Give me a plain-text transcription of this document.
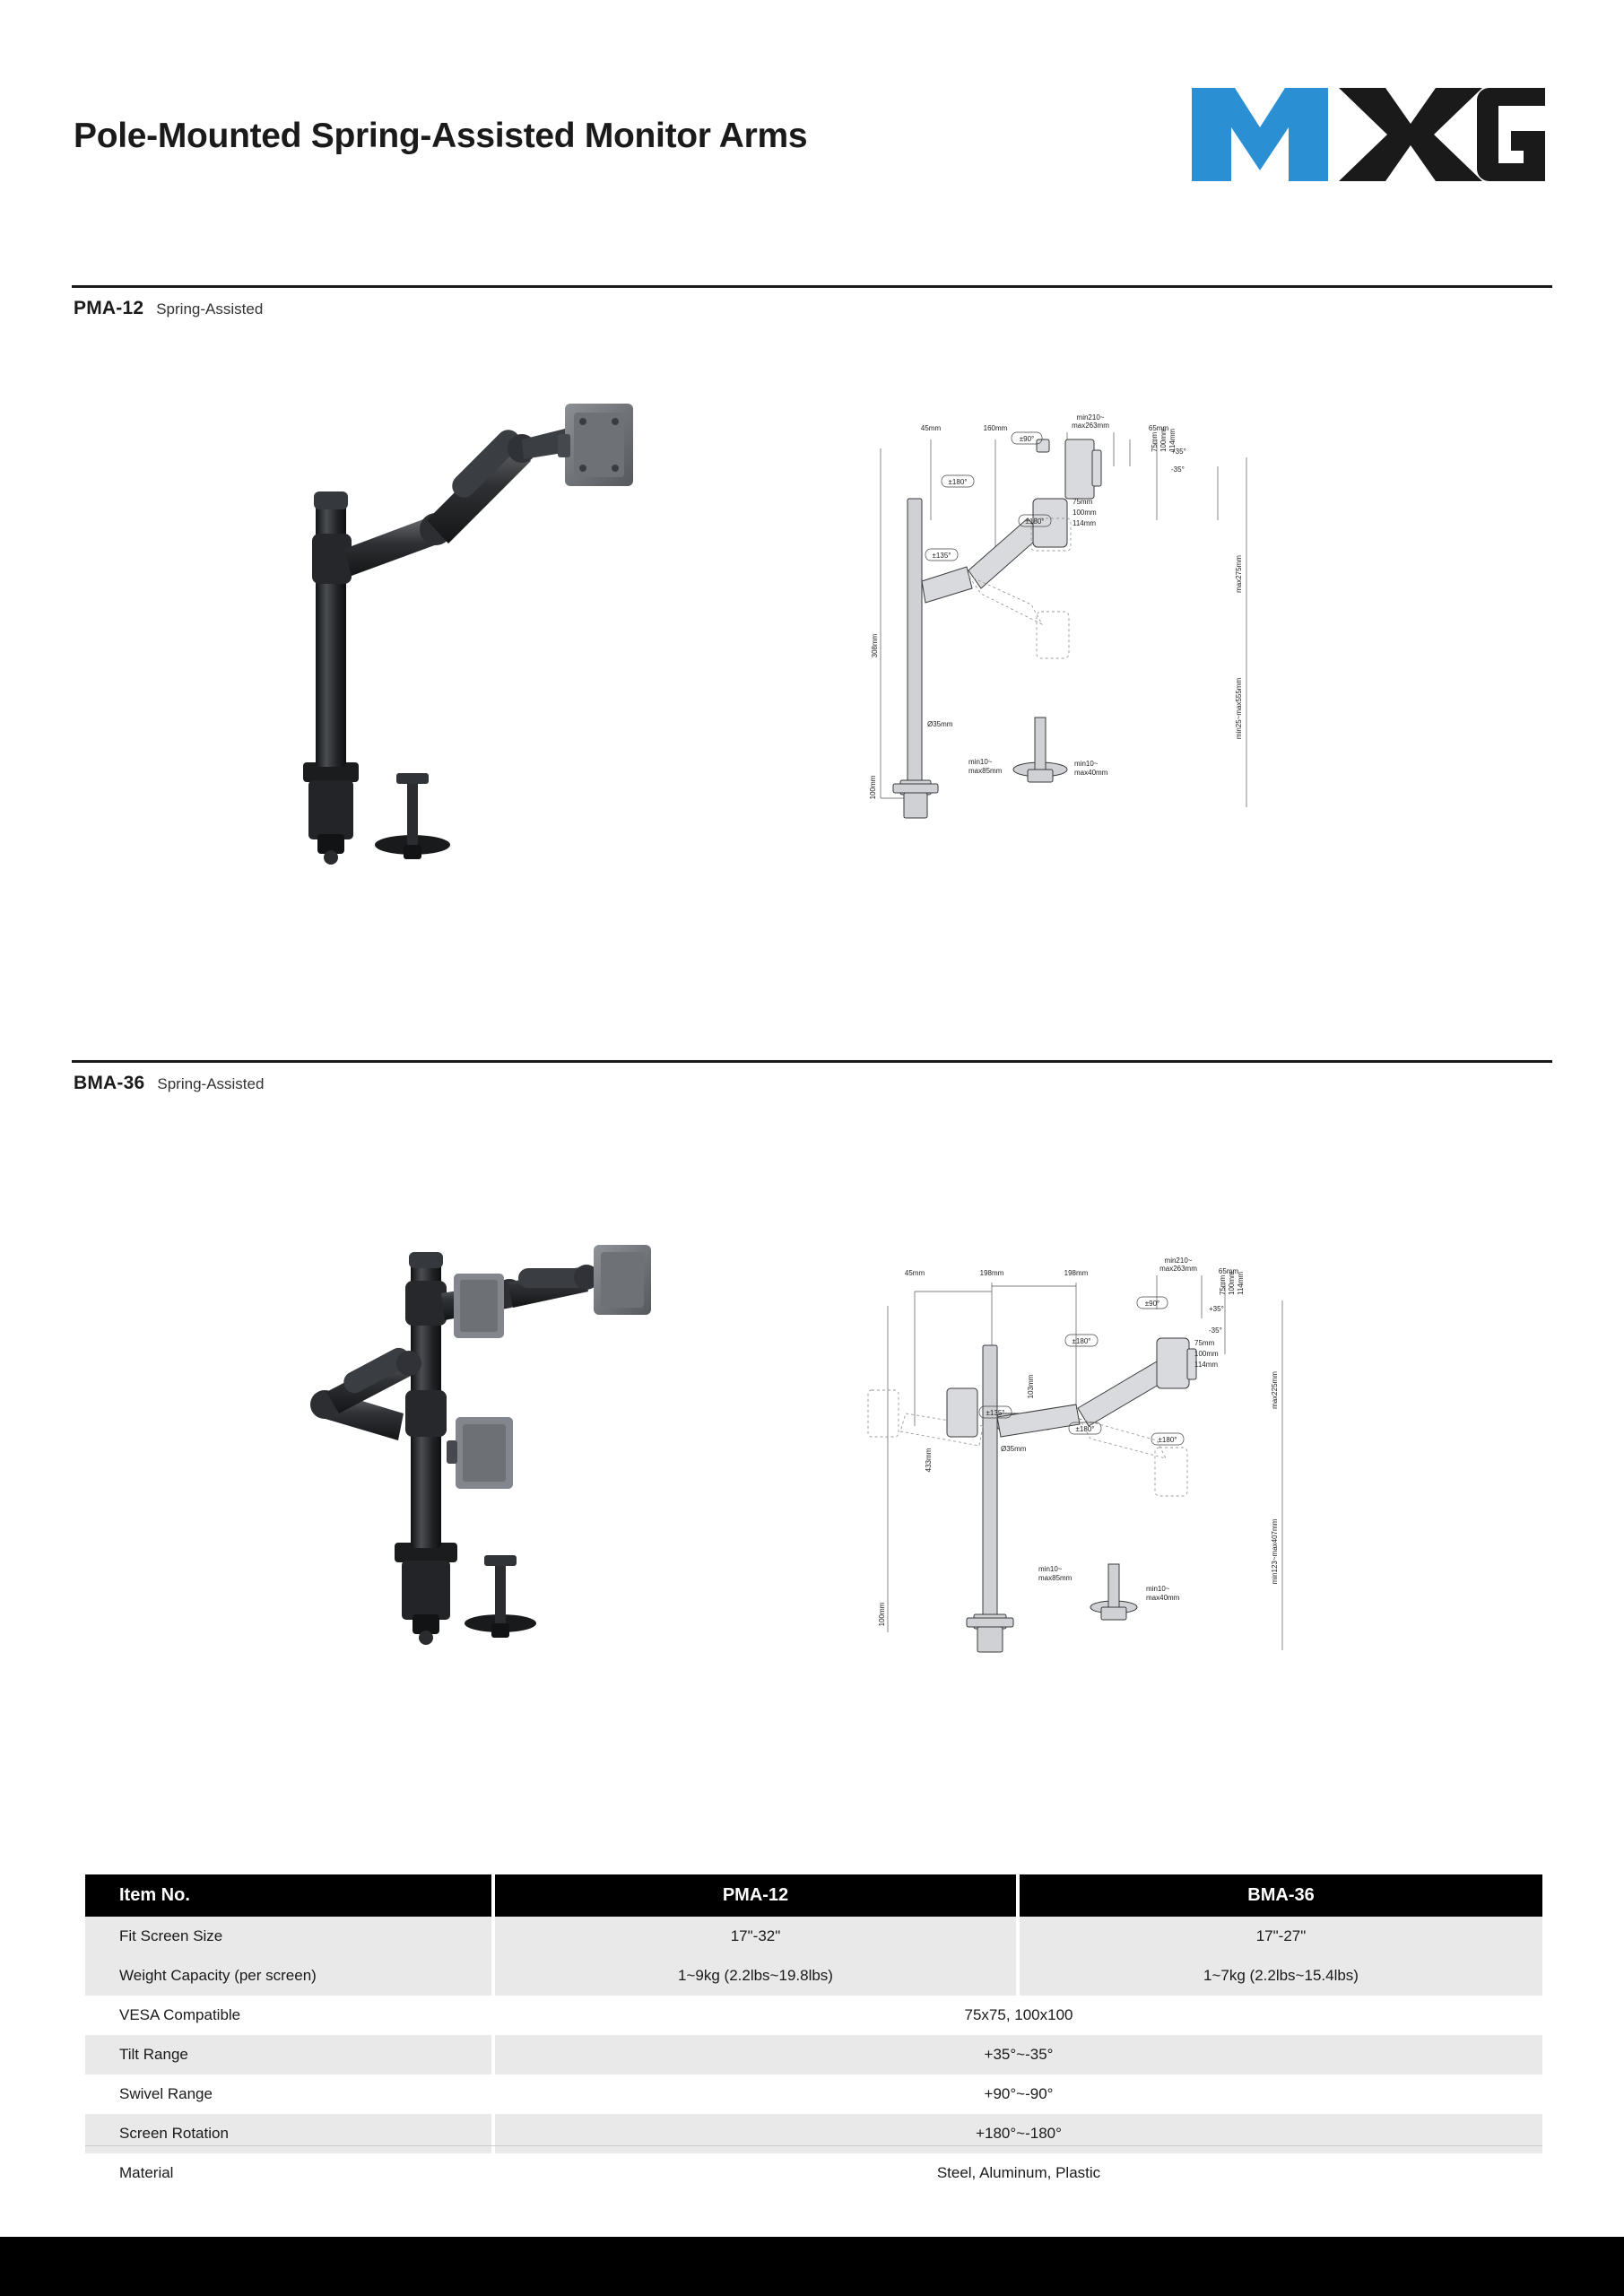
Pole-Mounted Spring-Assisted Monitor Arms
PMA-12 Spring-Assisted
±90°
±180°
±180°
±135°
45mm	160mm
min210~
max263mm	65mm
+35°
-35°
75mm
100mm
114mm
75mm 100mm 114mm
308mm
100mm
Ø35mm
min10~
max85mm
min10~
max40mm
max275mm
min25~max555mm
BMA-36 Spring-Assisted
±90°
±180°
±180°
±180°
±135°
45mm	198mm	198mm
min210~
max263mm	65mm
+35°
-35°
75mm
100mm
114mm
75mm 100mm 114mm
433mm
103mm
100mm
Ø35mm
min10~
max85mm
min10~
max40mm
max225mm
min123~max407mm
Item No.	PMA-12	BMA-36
Fit Screen Size	17"-32"	17"-27"
Weight Capacity (per screen)	1~9kg (2.2lbs~19.8lbs)	1~7kg (2.2lbs~15.4lbs)
VESA Compatible	75x75, 100x100	
Tilt Range	+35°~-35°	
Swivel Range	+90°~-90°	
Screen Rotation	+180°~-180°	
Material	Steel, Aluminum, Plastic	
